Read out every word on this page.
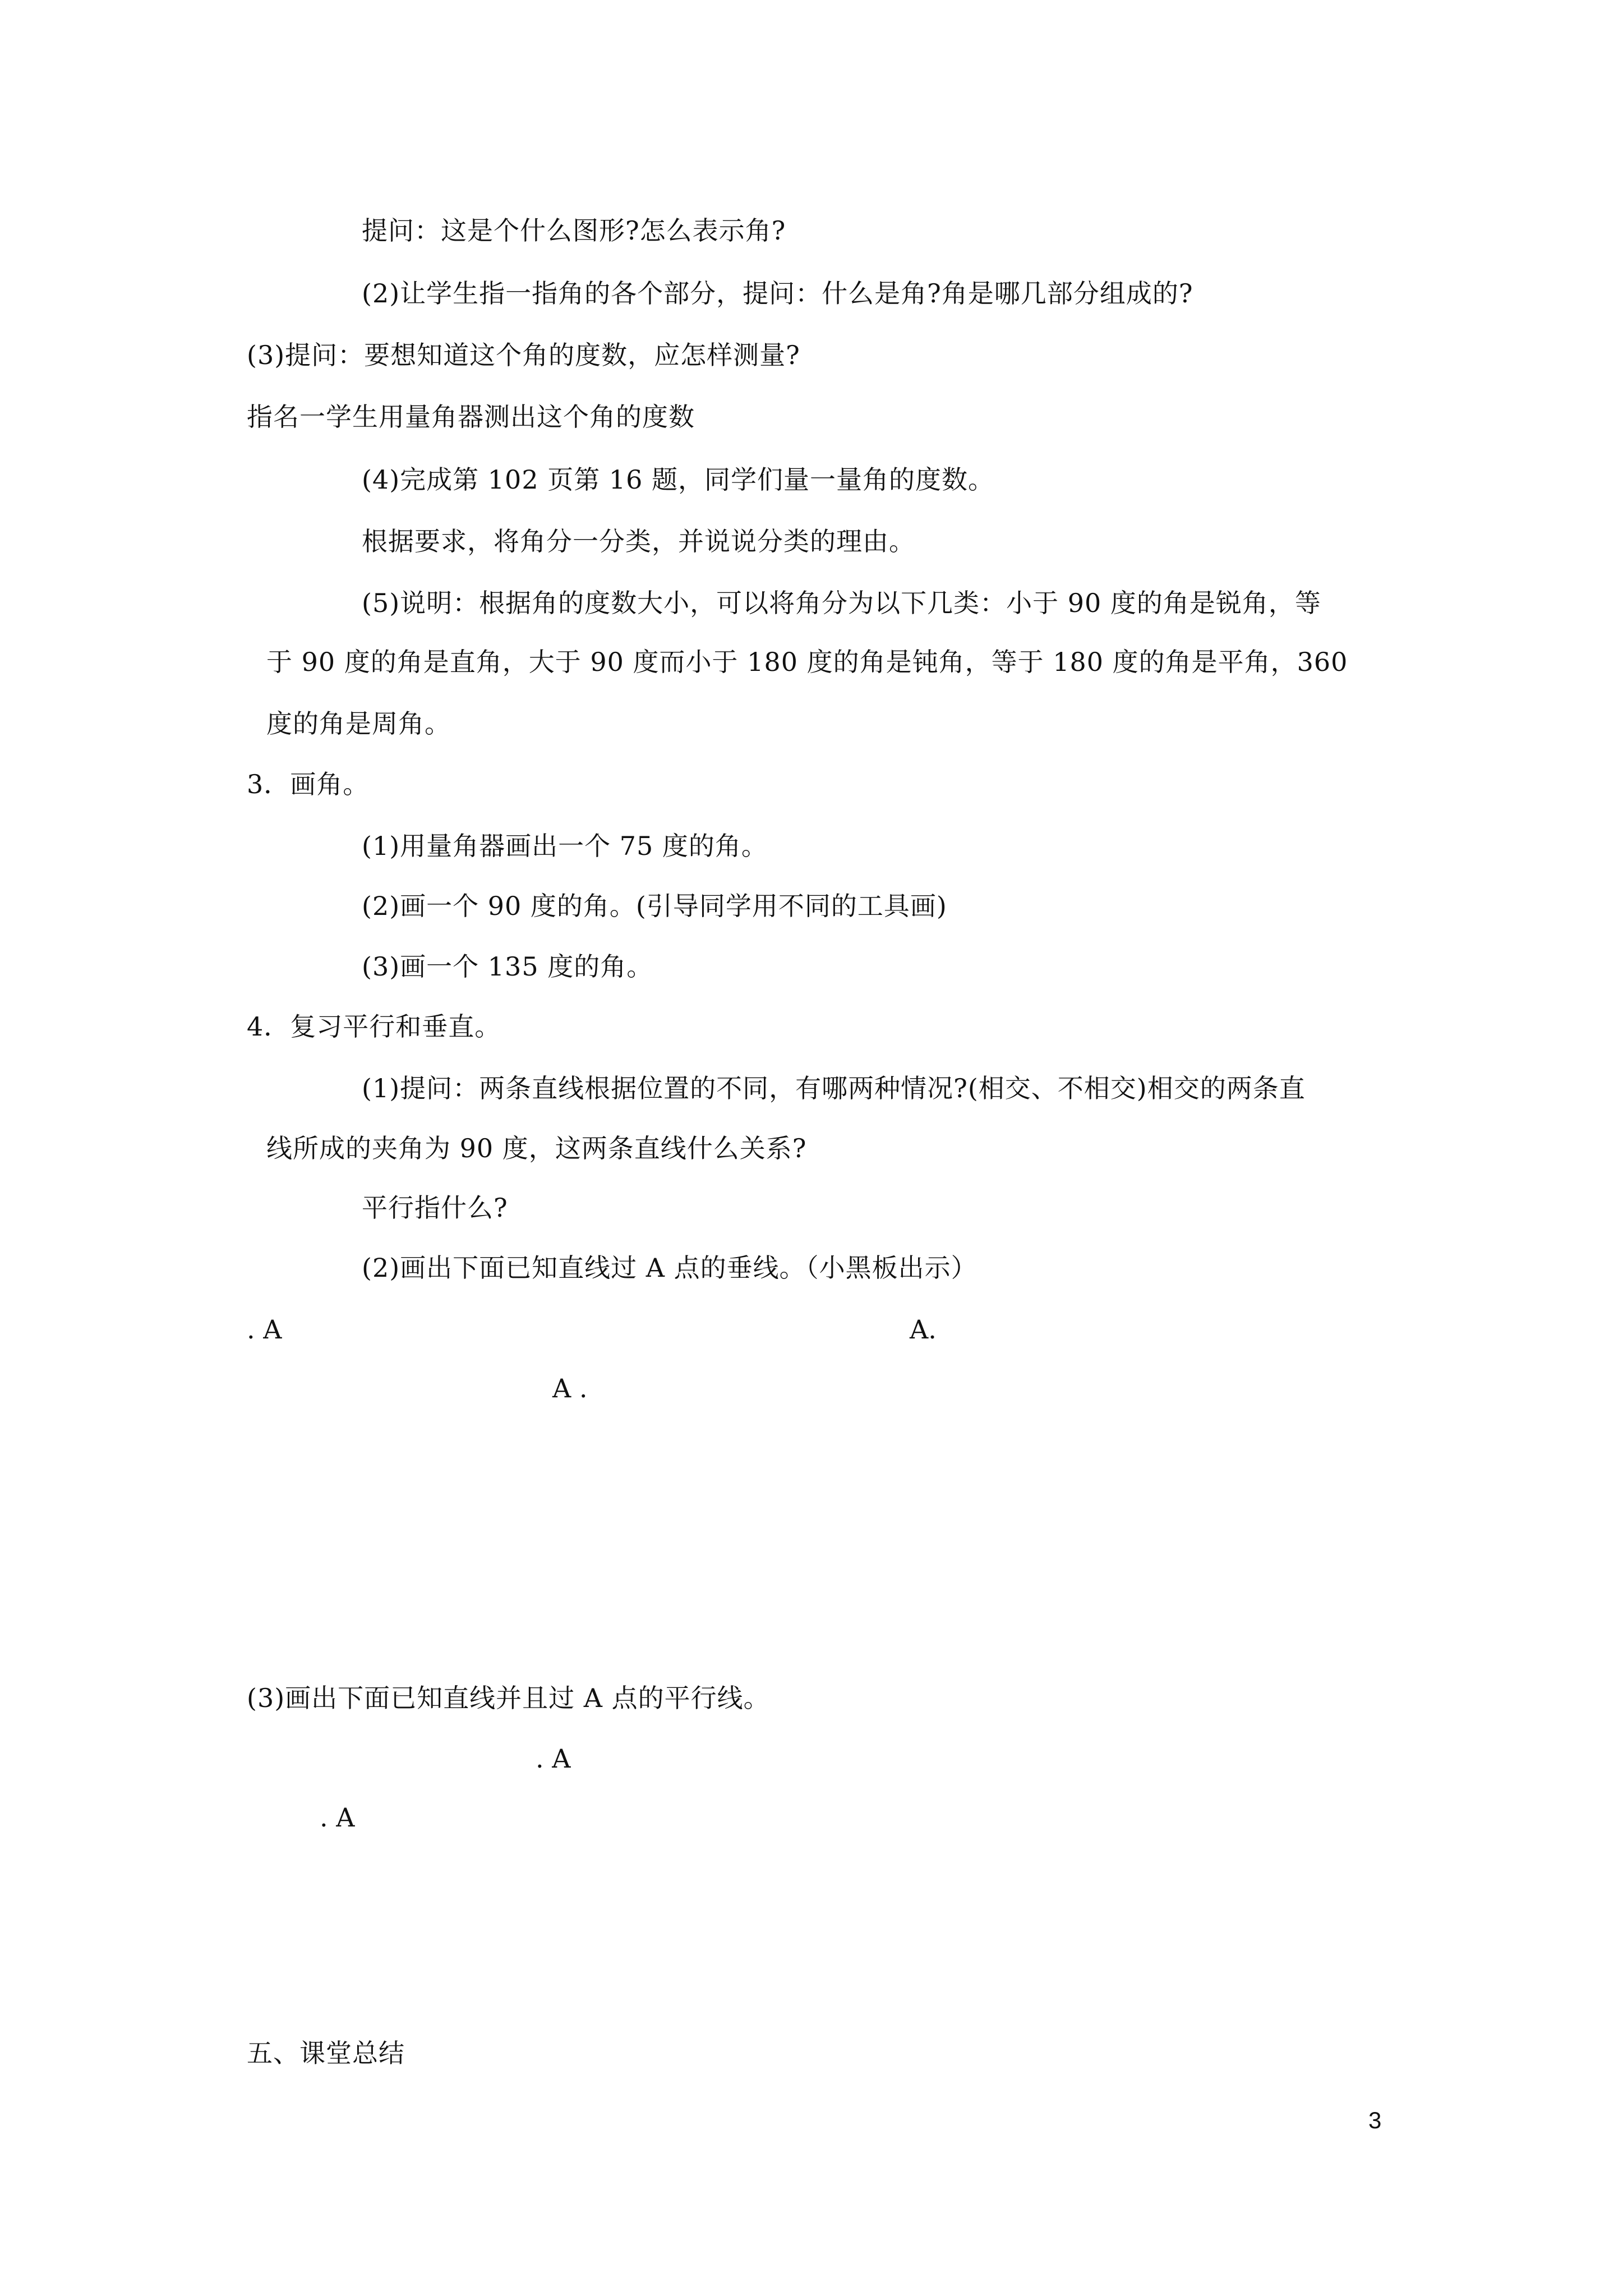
提问：这是个什么图形?怎么表示角?
(2)让学生指一指角的各个部分，提问：什么是角?角是哪几部分组成的?
(3)提问：要想知道这个角的度数，应怎样测量?
指名一学生用量角器测出这个角的度数
(4)完成第 102 页第 16 题，同学们量一量角的度数。
根据要求，将角分一分类，并说说分类的理由。
(5)说明：根据角的度数大小，可以将角分为以下几类：小于 90 度的角是锐角，等
于 90 度的角是直角，大于 90 度而小于 180 度的角是钝角，等于 180 度的角是平角，360
度的角是周角。
3．画角。
(1)用量角器画出一个 75 度的角。
(2)画一个 90 度的角。(引导同学用不同的工具画)
(3)画一个 135 度的角。
4．复习平行和垂直。
(1)提问：两条直线根据位置的不同，有哪两种情况?(相交、不相交)相交的两条直
线所成的夹角为 90 度，这两条直线什么关系?
平行指什么?
(2)画出下面已知直线过 A 点的垂线。（小黑板出示）
. A	A.
A .
(3)画出下面已知直线并且过 A 点的平行线。
. A
. A
五、课堂总结
3
